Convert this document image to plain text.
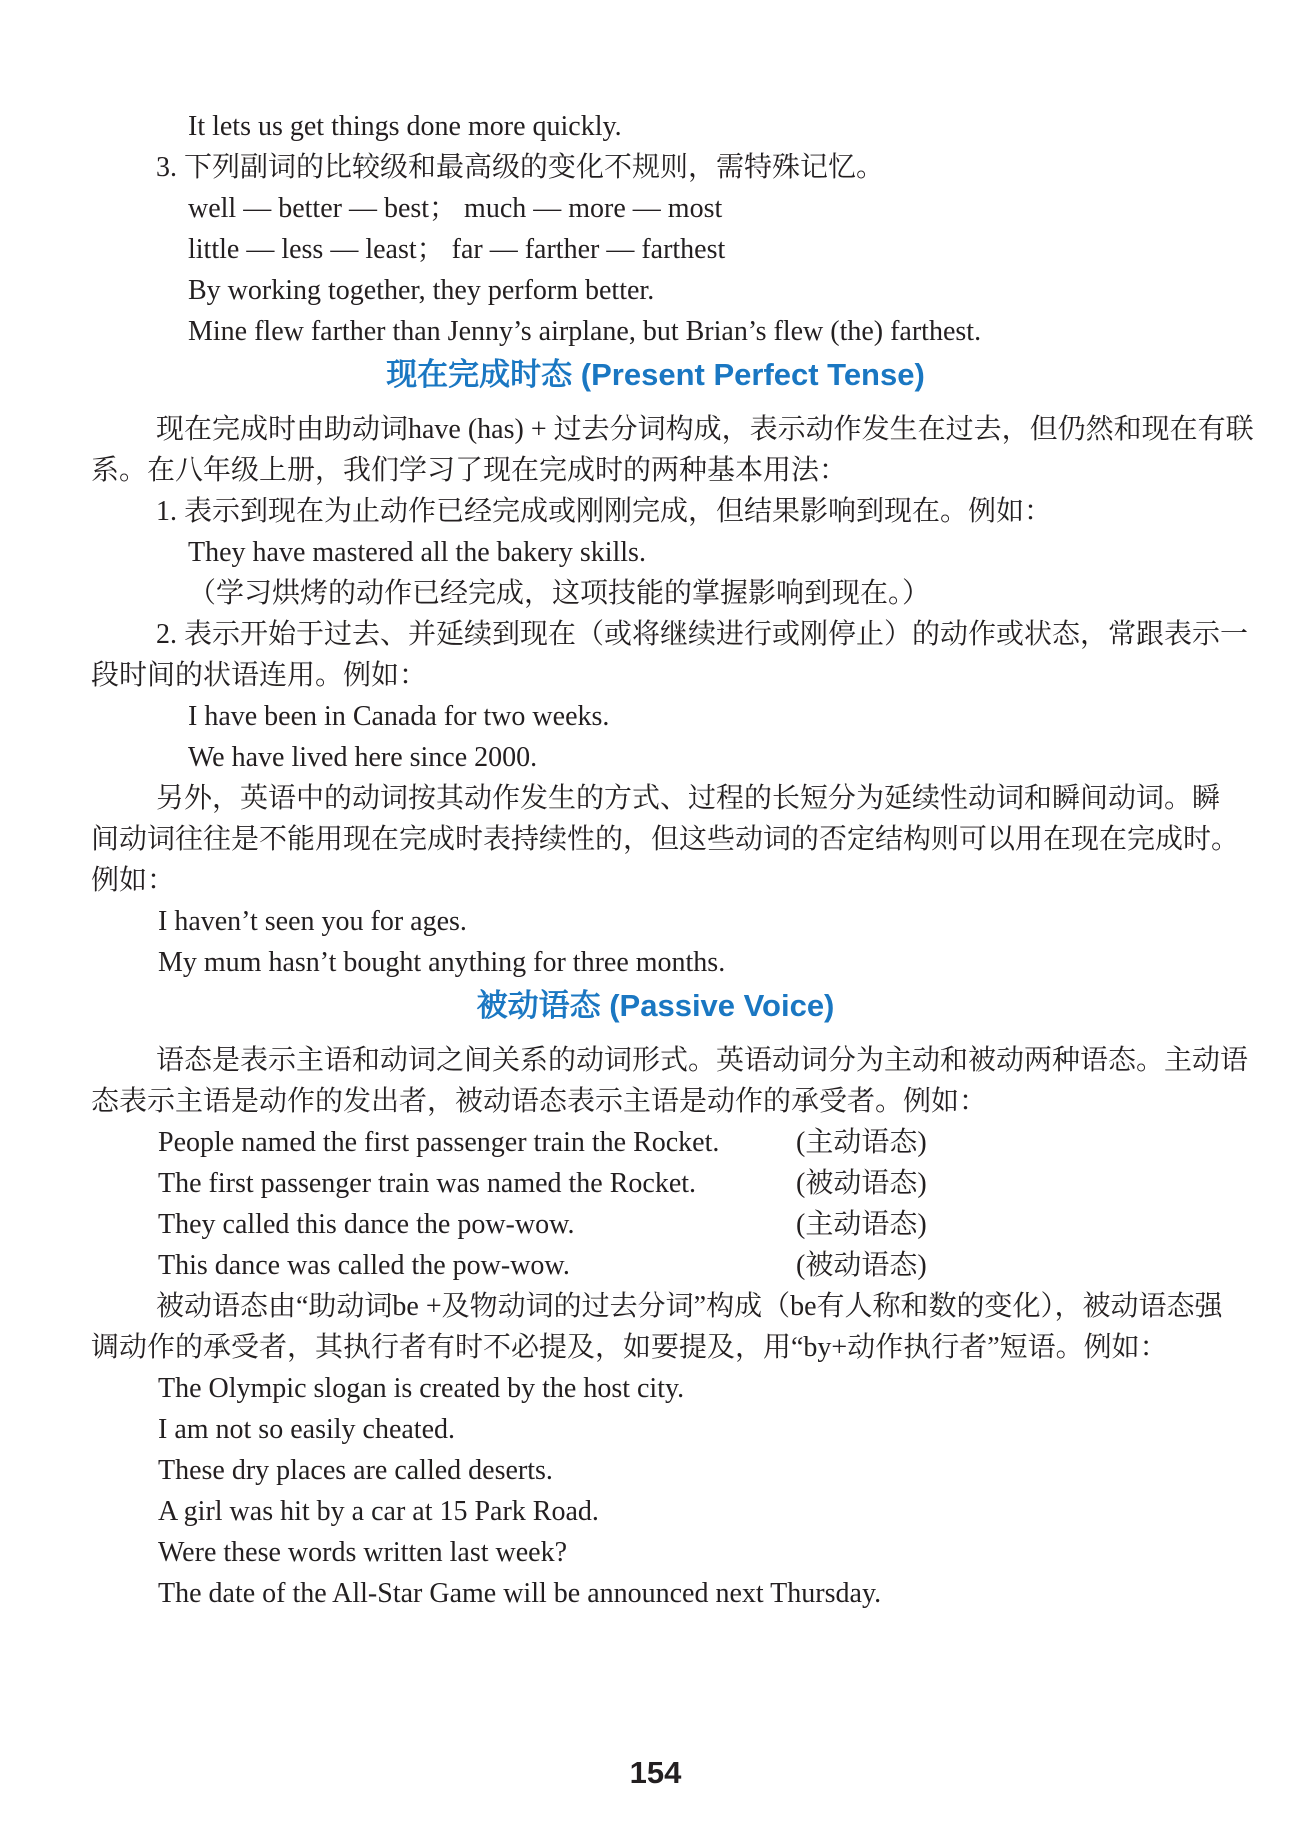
It lets us get things done more quickly.
3. 下列副词的比较级和最高级的变化不规则，需特殊记忆。
well — better — best； much — more — most
little — less — least； far — farther — farthest
By working together, they perform better.
Mine flew farther than Jenny’s airplane, but Brian’s flew (the) farthest.
现在完成时态 (Present Perfect Tense)
现在完成时由助动词have (has) + 过去分词构成，表示动作发生在过去，但仍然和现在有联
系。在八年级上册，我们学习了现在完成时的两种基本用法：
1. 表示到现在为止动作已经完成或刚刚完成，但结果影响到现在。例如：
They have mastered all the bakery skills.
（学习烘烤的动作已经完成，这项技能的掌握影响到现在。）
2. 表示开始于过去、并延续到现在（或将继续进行或刚停止）的动作或状态，常跟表示一
段时间的状语连用。例如：
I have been in Canada for two weeks.
We have lived here since 2000.
另外，英语中的动词按其动作发生的方式、过程的长短分为延续性动词和瞬间动词。瞬
间动词往往是不能用现在完成时表持续性的，但这些动词的否定结构则可以用在现在完成时。
例如：
I haven’t seen you for ages.
My mum hasn’t bought anything for three months.
被动语态 (Passive Voice)
语态是表示主语和动词之间关系的动词形式。英语动词分为主动和被动两种语态。主动语
态表示主语是动作的发出者，被动语态表示主语是动作的承受者。例如：
People named the first passenger train the Rocket.	(主动语态)
The first passenger train was named the Rocket.	(被动语态)
They called this dance the pow-wow.	(主动语态)
This dance was called the pow-wow.	(被动语态)
被动语态由“助动词be +及物动词的过去分词”构成（be有人称和数的变化），被动语态强
调动作的承受者，其执行者有时不必提及，如要提及，用“by+动作执行者”短语。例如：
The Olympic slogan is created by the host city.
I am not so easily cheated.
These dry places are called deserts.
A girl was hit by a car at 15 Park Road.
Were these words written last week?
The date of the All-Star Game will be announced next Thursday.
154
